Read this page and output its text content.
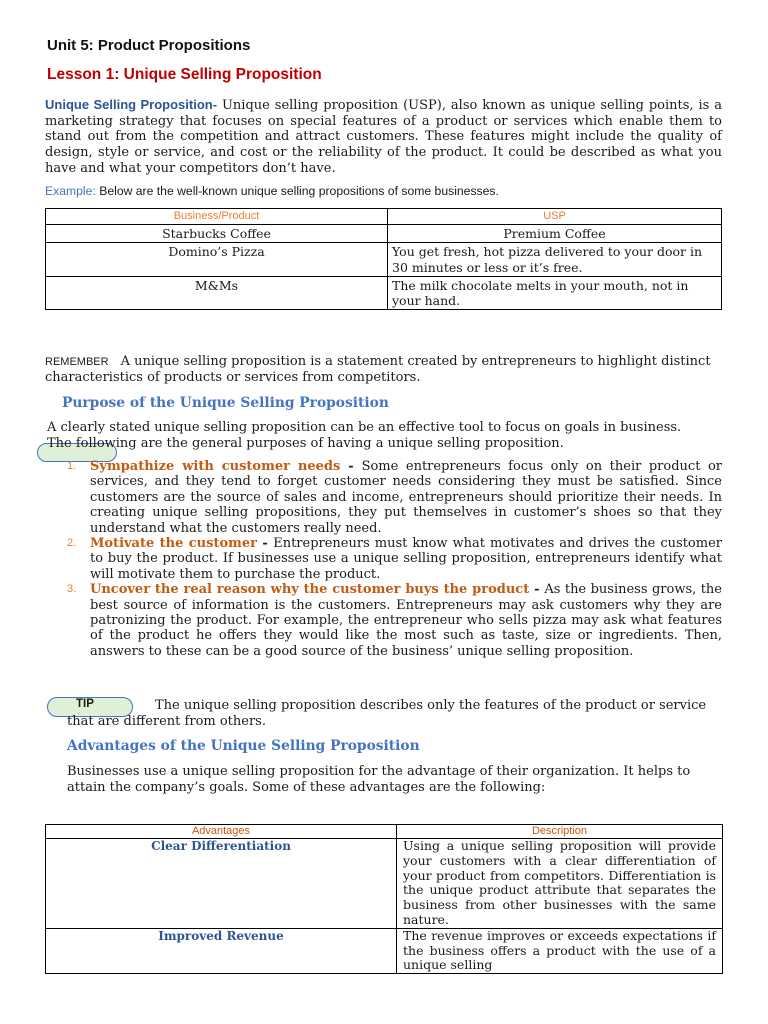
Unit 5: Product Propositions
Lesson 1: Unique Selling Proposition
Unique Selling Proposition- Unique selling proposition (USP), also known as unique selling points, is a marketing strategy that focuses on special features of a product or services which enable them to stand out from the competition and attract customers. These features might include the quality of design, style or service, and cost or the reliability of the product. It could be described as what you have and what your competitors don’t have.
Example: Below are the well-known unique selling propositions of some businesses.
Business/Product	USP
Starbucks Coffee	Premium Coffee
Domino’s Pizza	You get fresh, hot pizza delivered to your door in 30 minutes or less or it’s free.
M&Ms	The milk chocolate melts in your mouth, not in your hand.
REMEMBER A unique selling proposition is a statement created by entrepreneurs to highlight distinct characteristics of products or services from competitors.
Purpose of the Unique Selling Proposition
A clearly stated unique selling proposition can be an effective tool to focus on goals in business. The following are the general purposes of having a unique selling proposition.
1. Sympathize with customer needs - Some entrepreneurs focus only on their product or services, and they tend to forget customer needs considering they must be satisfied. Since customers are the source of sales and income, entrepreneurs should prioritize their needs. In creating unique selling propositions, they put themselves in customer’s shoes so that they understand what the customers really need.
2. Motivate the customer - Entrepreneurs must know what motivates and drives the customer to buy the product. If businesses use a unique selling proposition, entrepreneurs identify what will motivate them to purchase the product.
3. Uncover the real reason why the customer buys the product - As the business grows, the best source of information is the customers. Entrepreneurs may ask customers why they are patronizing the product. For example, the entrepreneur who sells pizza may ask what features of the product he offers they would like the most such as taste, size or ingredients. Then, answers to these can be a good source of the business’ unique selling proposition.
TIP	The unique selling proposition describes only the features of the product or service that are different from others.
Advantages of the Unique Selling Proposition
Businesses use a unique selling proposition for the advantage of their organization. It helps to attain the company’s goals. Some of these advantages are the following:
Advantages	Description
Clear Differentiation	Using a unique selling proposition will provide your customers with a clear differentiation of your product from competitors. Differentiation is the unique product attribute that separates the business from other businesses with the same nature.
Improved Revenue	The revenue improves or exceeds expectations if the business offers a product with the use of a unique selling
